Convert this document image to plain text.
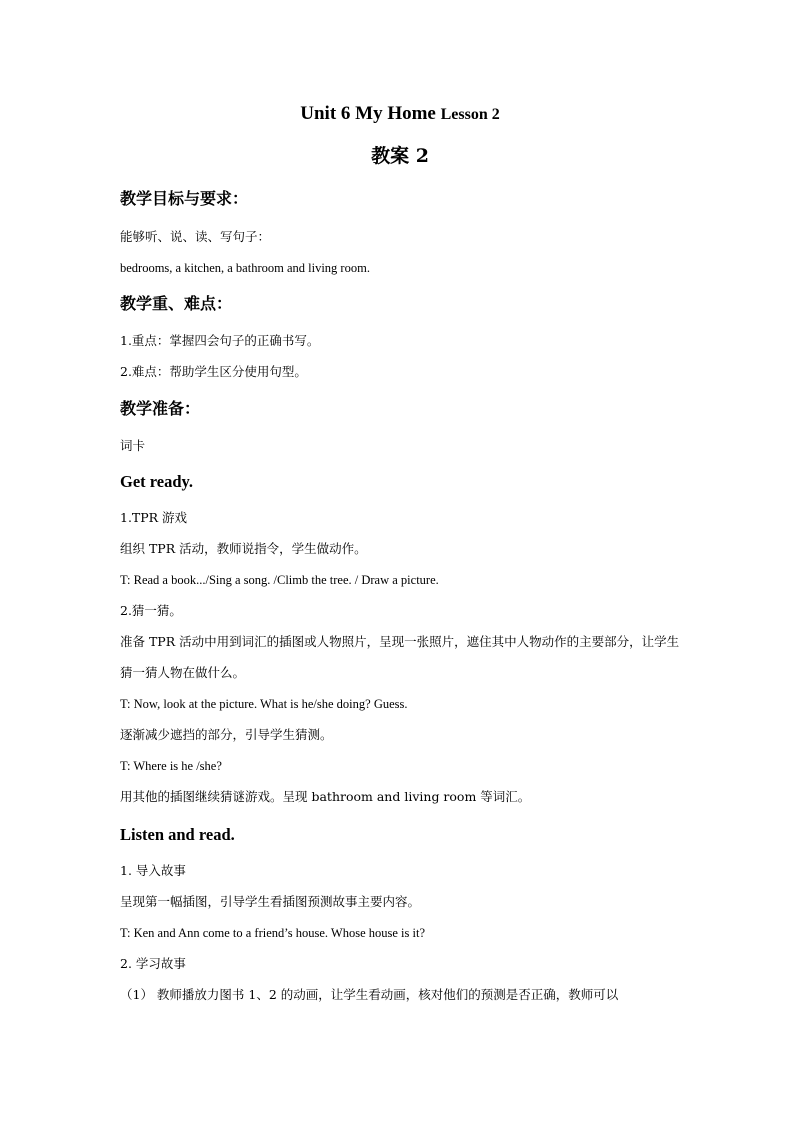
Unit 6 My Home Lesson 2
教案 2

教学目标与要求：

能够听、说、读、写句子：

bedrooms, a kitchen, a bathroom and living room.

教学重、难点：

1.重点：掌握四会句子的正确书写。

2.难点：帮助学生区分使用句型。

教学准备：

词卡

Get ready.

1.TPR 游戏

组织 TPR 活动，教师说指令，学生做动作。

T: Read a book.../Sing a song. /Climb the tree. / Draw a picture.

2.猜一猜。

准备 TPR 活动中用到词汇的插图或人物照片，呈现一张照片，遮住其中人物动作的主要部分，让学生猜一猜人物在做什么。

T: Now, look at the picture. What is he/she doing? Guess.

逐渐减少遮挡的部分，引导学生猜测。

T: Where is he /she?

用其他的插图继续猜谜游戏。呈现 bathroom and living room 等词汇。

Listen and read.

1. 导入故事

呈现第一幅插图，引导学生看插图预测故事主要内容。

T: Ken and Ann come to a friend’s house. Whose house is it?

2. 学习故事

（1） 教师播放力图书 1、2 的动画，让学生看动画，核对他们的预测是否正确，教师可以
